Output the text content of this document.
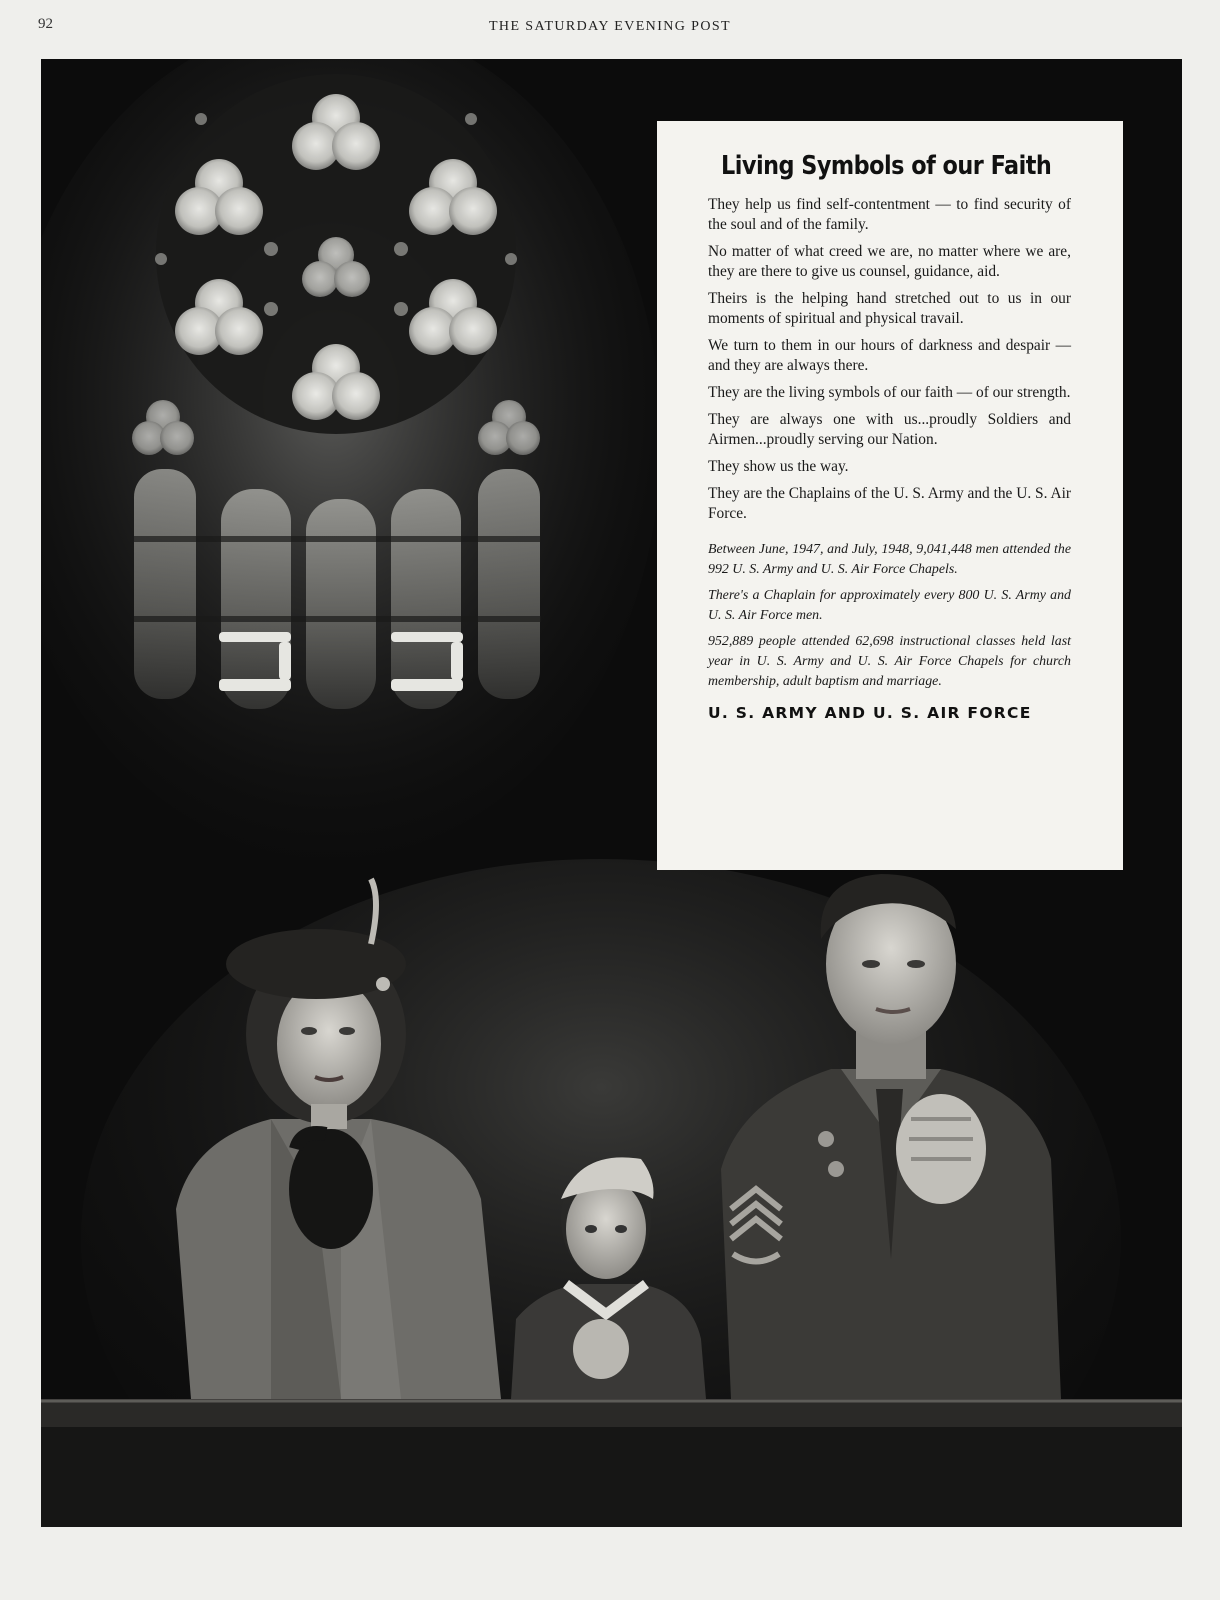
92	THE SATURDAY EVENING POST
Living Symbols of our Faith

They help us find self-contentment — to find security of the soul and of the family.

No matter of what creed we are, no matter where we are, they are there to give us counsel, guidance, aid.

Theirs is the helping hand stretched out to us in our moments of spiritual and physical travail.

We turn to them in our hours of darkness and despair — and they are always there.

They are the living symbols of our faith — of our strength.

They are always one with us...proudly Soldiers and Airmen...proudly serving our Nation.

They show us the way.

They are the Chaplains of the U. S. Army and the U. S. Air Force.

Between June, 1947, and July, 1948, 9,041,448 men attended the 992 U. S. Army and U. S. Air Force Chapels.

There's a Chaplain for approximately every 800 U. S. Army and U. S. Air Force men.

952,889 people attended 62,698 instructional classes held last year in U. S. Army and U. S. Air Force Chapels for church membership, adult baptism and marriage.

U. S. ARMY AND U. S. AIR FORCE
